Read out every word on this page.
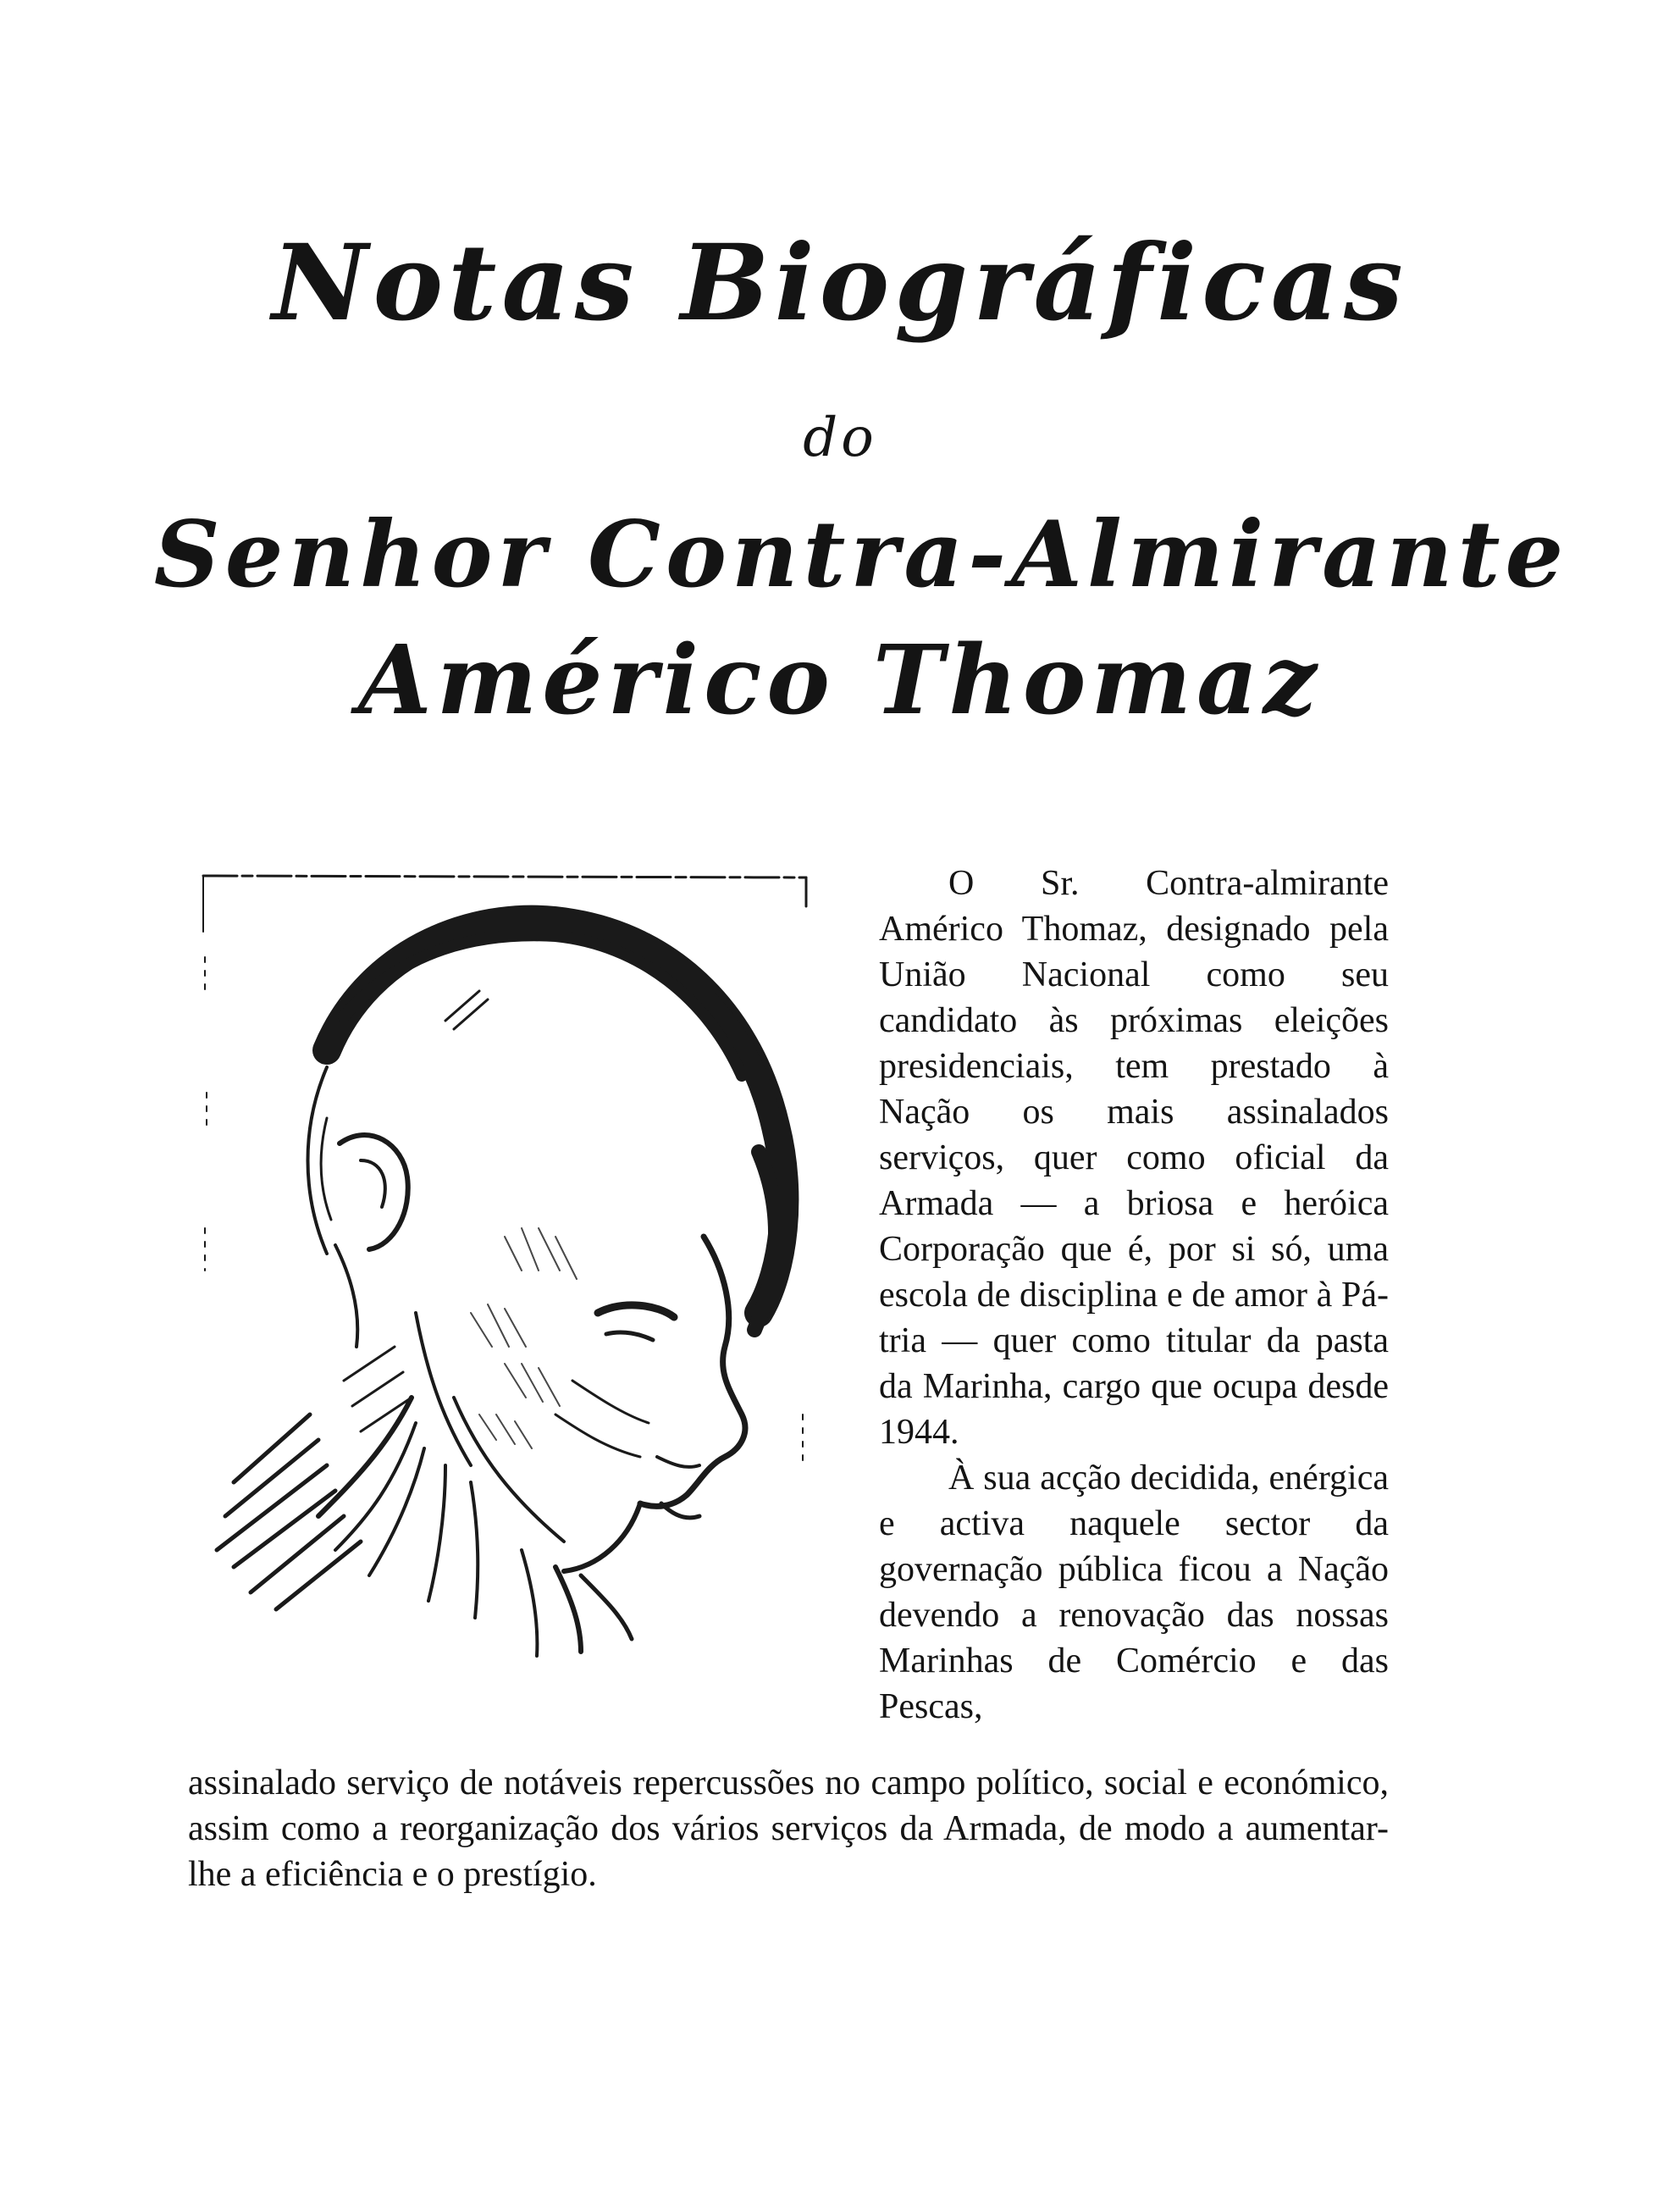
Notas Biográficas
do
Senhor Contra-Almirante
Américo Thomaz

O Sr. Contra-almirante Américo Thomaz, designado pela União Nacional como seu candidato às próximas eleições presidenciais, tem prestado à Nação os mais assinalados serviços, quer como oficial da Armada — a briosa e heróica Corporação que é, por si só, uma escola de disciplina e de amor à Pátria — quer como titular da pasta da Marinha, cargo que ocupa desde 1944.

À sua acção decidida, enérgica e activa naquele sector da governação pública ficou a Nação devendo a renovação das nossas Marinhas de Comércio e das Pescas,

assinalado serviço de notáveis repercussões no campo político, social e económico, assim como a reorganização dos vários serviços da Armada, de modo a aumentar-lhe a eficiência e o prestígio.
